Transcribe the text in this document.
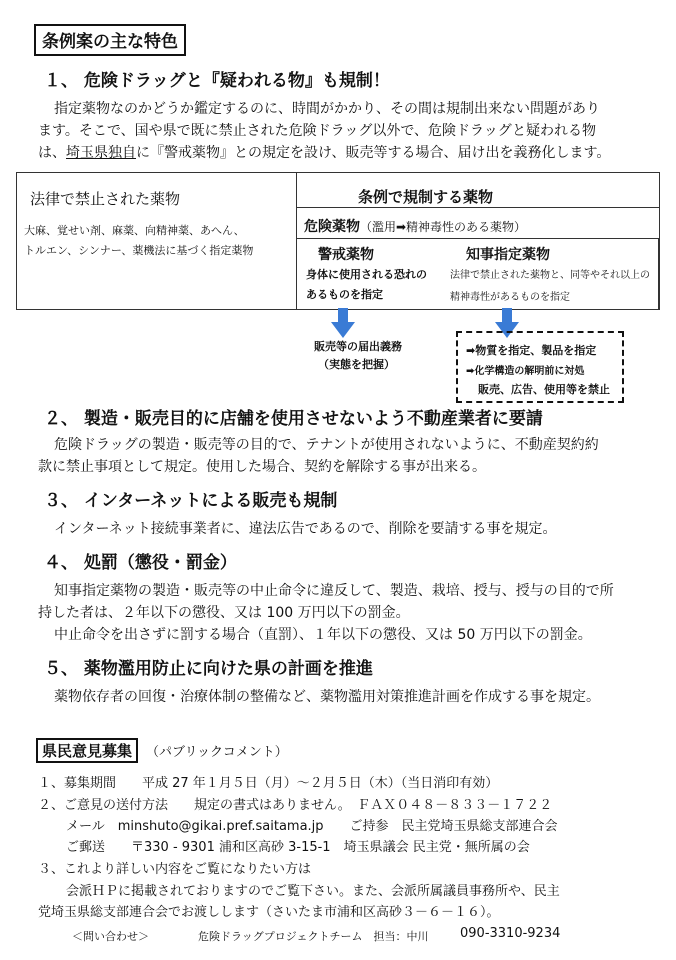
条例案の主な特色
１、 危険ドラッグと『疑われる物』も規制！
指定薬物なのかどうか鑑定するのに、時間がかかり、その間は規制出来ない問題があり
ます。そこで、国や県で既に禁止された危険ドラッグ以外で、危険ドラッグと疑われる物
は、埼玉県独自に『警戒薬物』との規定を設け、販売等する場合、届け出を義務化します。
法律で禁止された薬物
大麻、覚せい剤、麻薬、向精神薬、あへん、
トルエン、シンナー、薬機法に基づく指定薬物
条例で規制する薬物
危険薬物（濫用➡精神毒性のある薬物）
警戒薬物
身体に使用される恐れの
あるものを指定
知事指定薬物
法律で禁止された薬物と、同等やそれ以上の
精神毒性があるものを指定
販売等の届出義務
（実態を把握）
➡物質を指定、製品を指定
➡化学構造の解明前に対処
販売、広告、使用等を禁止
２、 製造・販売目的に店舗を使用させないよう不動産業者に要請
危険ドラッグの製造・販売等の目的で、テナントが使用されないように、不動産契約約
款に禁止事項として規定。使用した場合、契約を解除する事が出来る。
３、 インターネットによる販売も規制
インターネット接続事業者に、違法広告であるので、削除を要請する事を規定。
４、 処罰（懲役・罰金）
知事指定薬物の製造・販売等の中止命令に違反して、製造、栽培、授与、授与の目的で所
持した者は、２年以下の懲役、又は 100 万円以下の罰金。
中止命令を出さずに罰する場合（直罰）、１年以下の懲役、又は 50 万円以下の罰金。
５、 薬物濫用防止に向けた県の計画を推進
薬物依存者の回復・治療体制の整備など、薬物濫用対策推進計画を作成する事を規定。
県民意見募集	（パブリックコメント）
１、募集期間　　平成 27 年１月５日（月）～２月５日（木）（当日消印有効）
２、ご意見の送付方法　　規定の書式はありません。　ＦＡＸ０４８－８３３－１７２２
メール　minshuto@gikai.pref.saitama.jp　　ご持参　民主党埼玉県総支部連合会
ご郵送　　〒330 - 9301 浦和区高砂 3-15-1　埼玉県議会 民主党・無所属の会
３、これより詳しい内容をご覧になりたい方は
会派ＨＰに掲載されておりますのでご覧下さい。また、会派所属議員事務所や、民主
党埼玉県総支部連合会でお渡しします（さいたま市浦和区高砂３－６－１６）。
＜問い合わせ＞	危険ドラッグプロジェクトチーム　担当：中川 090-3310-9234
